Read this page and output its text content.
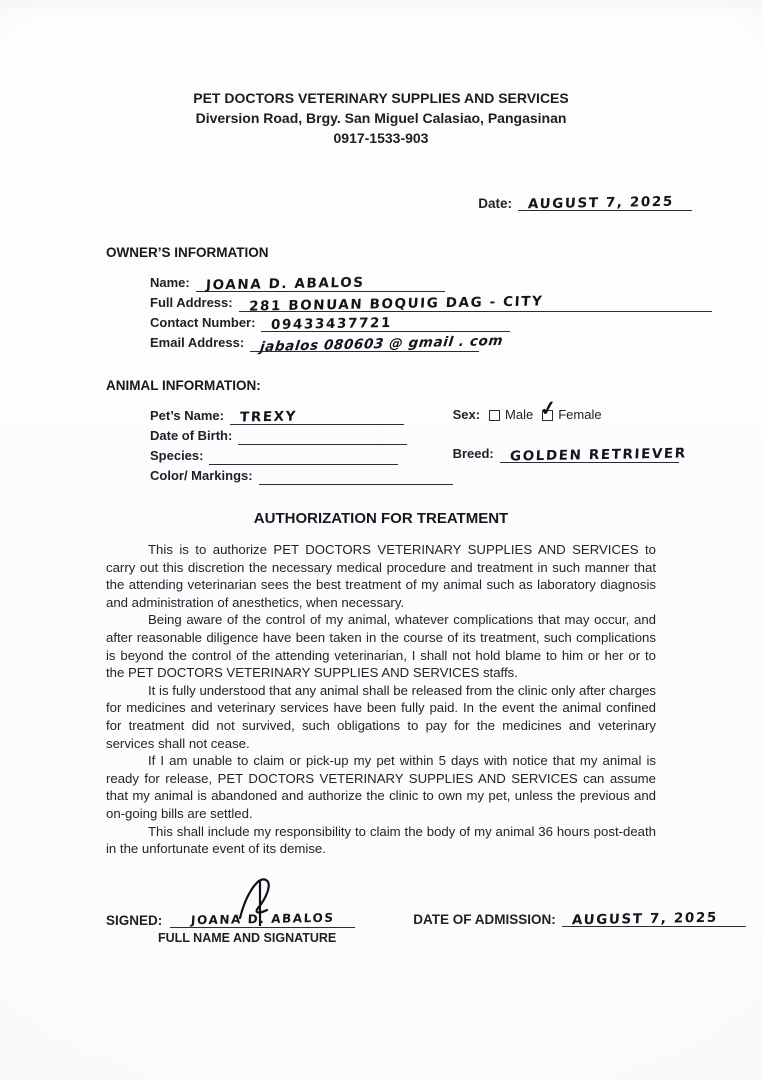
PET DOCTORS VETERINARY SUPPLIES AND SERVICES
Diversion Road, Brgy. San Miguel Calasiao, Pangasinan
0917-1533-903
Date:	AUGUST 7, 2025
OWNER’S INFORMATION
Name:	JOANA D. ABALOS
Full Address:	281 BONUAN BOQUIG DAG - CITY
Contact Number:	09433437721
Email Address:	jabalos 080603 @ gmail . com
ANIMAL INFORMATION:
Pet’s Name:	TREXY
Date of Birth:
Species:
Color/ Markings:
Sex: Male ✓ Female
Breed:	GOLDEN RETRIEVER
AUTHORIZATION FOR TREATMENT

This is to authorize PET DOCTORS VETERINARY SUPPLIES AND SERVICES to carry out this discretion the necessary medical procedure and treatment in such manner that the attending veterinarian sees the best treatment of my animal such as laboratory diagnosis and administration of anesthetics, when necessary.

Being aware of the control of my animal, whatever complications that may occur, and after reasonable diligence have been taken in the course of its treatment, such complications is beyond the control of the attending veterinarian, I shall not hold blame to him or her or to the PET DOCTORS VETERINARY SUPPLIES AND SERVICES staffs.

It is fully understood that any animal shall be released from the clinic only after charges for medicines and veterinary services have been fully paid. In the event the animal confined for treatment did not survived, such obligations to pay for the medicines and veterinary services shall not cease.

If I am unable to claim or pick-up my pet within 5 days with notice that my animal is ready for release, PET DOCTORS VETERINARY SUPPLIES AND SERVICES can assume that my animal is abandoned and authorize the clinic to own my pet, unless the previous and on-going bills are settled.

This shall include my responsibility to claim the body of my animal 36 hours post-death in the unfortunate event of its demise.

SIGNED:	JOANA D. ABALOS
FULL NAME AND SIGNATURE
DATE OF ADMISSION:	AUGUST 7, 2025
